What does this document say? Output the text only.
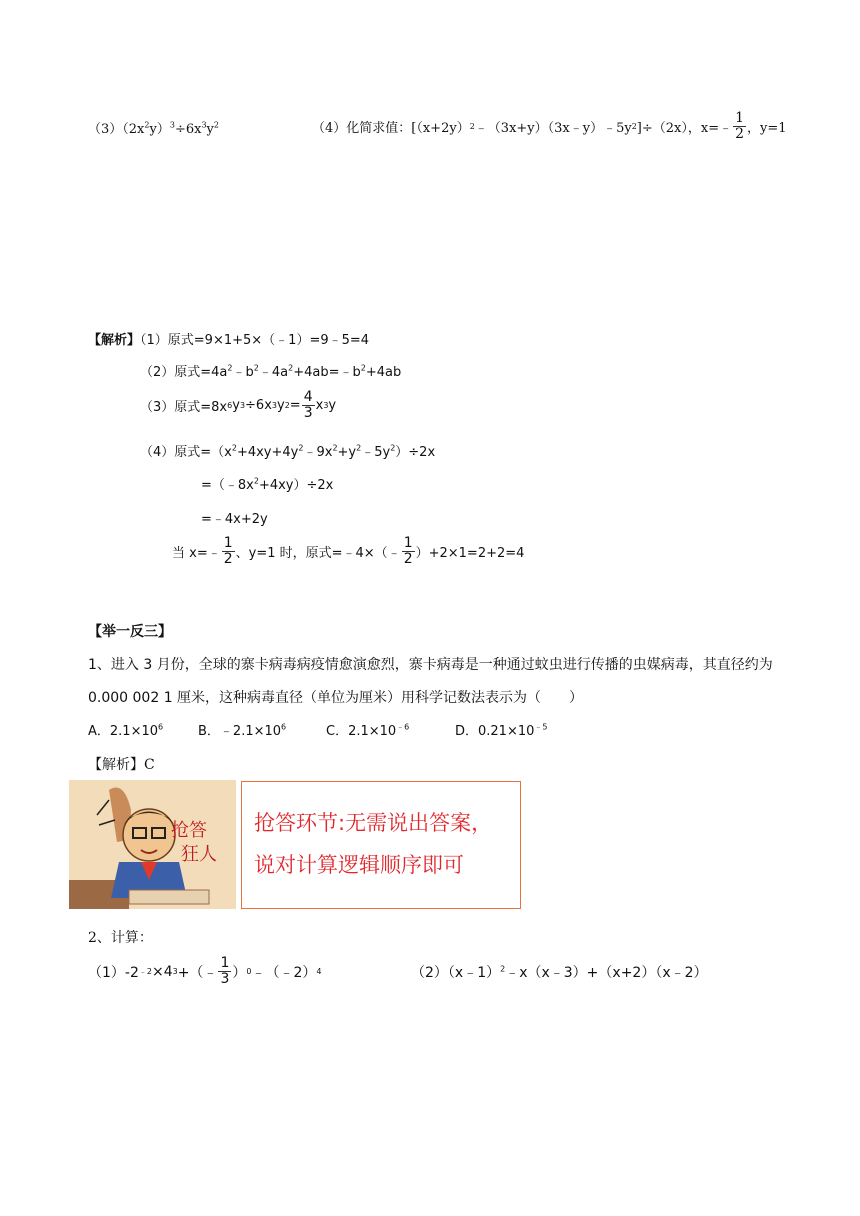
$(3)(2x^2y)^3\div 6x^3y^2$	（4）化简求值： [（x+2y） 2 ﹣（3x+y）（3x﹣y）﹣5y 2 ]÷（2x），x=﹣ $\frac{1}{2}$ ，y=1
【解析】（1）原式=9×1+5×（﹣1）=9﹣5=4
（2）原式$=4a^2﹣b^2﹣4a^2+4ab=﹣b^2+4ab$
（3）原式=8x 6 y 3 ÷6x 3 y $2 = \frac{4}{3}$ x 3 y
（4）原式$=(x^2+4xy+4y^2﹣9x^2+y^2﹣5y^2)\div 2x$
$=(﹣8x^2+4xy)\div 2x$
=﹣4x+2y
当 x=﹣ $\frac{1}{2}$ 、y=1 时，原式=﹣4×（﹣ $\frac{1}{2} )+2\times 1=2+2=4$
【举一反三】
1、进入 3 月份，全球的寨卡病毒病疫情愈演愈烈，寨卡病毒是一种通过蚊虫进行传播的虫媒病毒，其直径约为
0.000 002 1 厘米，这种病毒直径（单位为厘米）用科学记数法表示为（　　）
A．$2.1\times 10^6$	B．$﹣2.1\times 10^6$	C．$2.1\times 10^{﹣6}$	D．$0.21\times 10^{﹣5}$
【解析】C
抢答
狂人
抢答环节:无需说出答案，
说对计算逻辑顺序即可
2、计算：
（1）-2 ﹣2 ×4 3 +（﹣ $\frac{1}{3}$ ） 0 ﹣（﹣2） 4	（2）（x﹣1）$^2$﹣x（x﹣3）+（x+2）（x﹣2）
